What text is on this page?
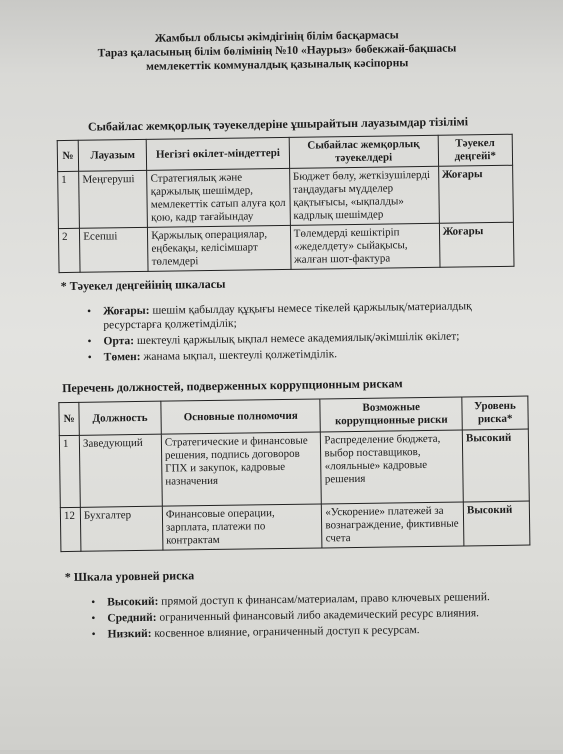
Жамбыл облысы әкімдігінің білім басқармасы
Тараз қаласының білім бөлімінің №10 «Наурыз» бөбекжай-бақшасы
мемлекеттік коммуналдық қазыналық кәсіпорны
Сыбайлас жемқорлық тәуекелдеріне ұшырайтын лауазымдар тізілімі
№	Лауазым	Негізгі өкілет-міндеттері	Сыбайлас жемқорлық тәуекелдері	Тәуекел деңгейі*
1	Меңгеруші	Стратегиялық және қаржылық шешімдер, мемлекеттік сатып алуға қол қою, кадр тағайындау	Бюджет бөлу, жеткізушілерді таңдаудағы мүдделер қақтығысы, «ықпалды» кадрлық шешімдер	Жоғары
2	Есепші	Қаржылық операциялар, еңбекақы, келісімшарт төлемдері	Төлемдерді кешіктіріп «жеделдету» сыйақысы, жалған шот-фактура	Жоғары
* Тәуекел деңгейінің шкаласы
• Жоғары: шешім қабылдау құқығы немесе тікелей қаржылық/материалдық ресурстарға қолжетімділік;
• Орта: шектеулі қаржылық ықпал немесе академиялық/әкімшілік өкілет;
• Төмен: жанама ықпал, шектеулі қолжетімділік.
Перечень должностей, подверженных коррупционным рискам
№	Должность	Основные полномочия	Возможные коррупционные риски	Уровень риска*
1	Заведующий	Стратегические и финансовые решения, подпись договоров ГПХ и закупок, кадровые назначения	Распределение бюджета, выбор поставщиков, «лояльные» кадровые решения	Высокий
12	Бухгалтер	Финансовые операции, зарплата, платежи по контрактам	«Ускорение» платежей за вознаграждение, фиктивные счета	Высокий
* Шкала уровней риска
• Высокий: прямой доступ к финансам/материалам, право ключевых решений.
• Средний: ограниченный финансовый либо академический ресурс влияния.
• Низкий: косвенное влияние, ограниченный доступ к ресурсам.
